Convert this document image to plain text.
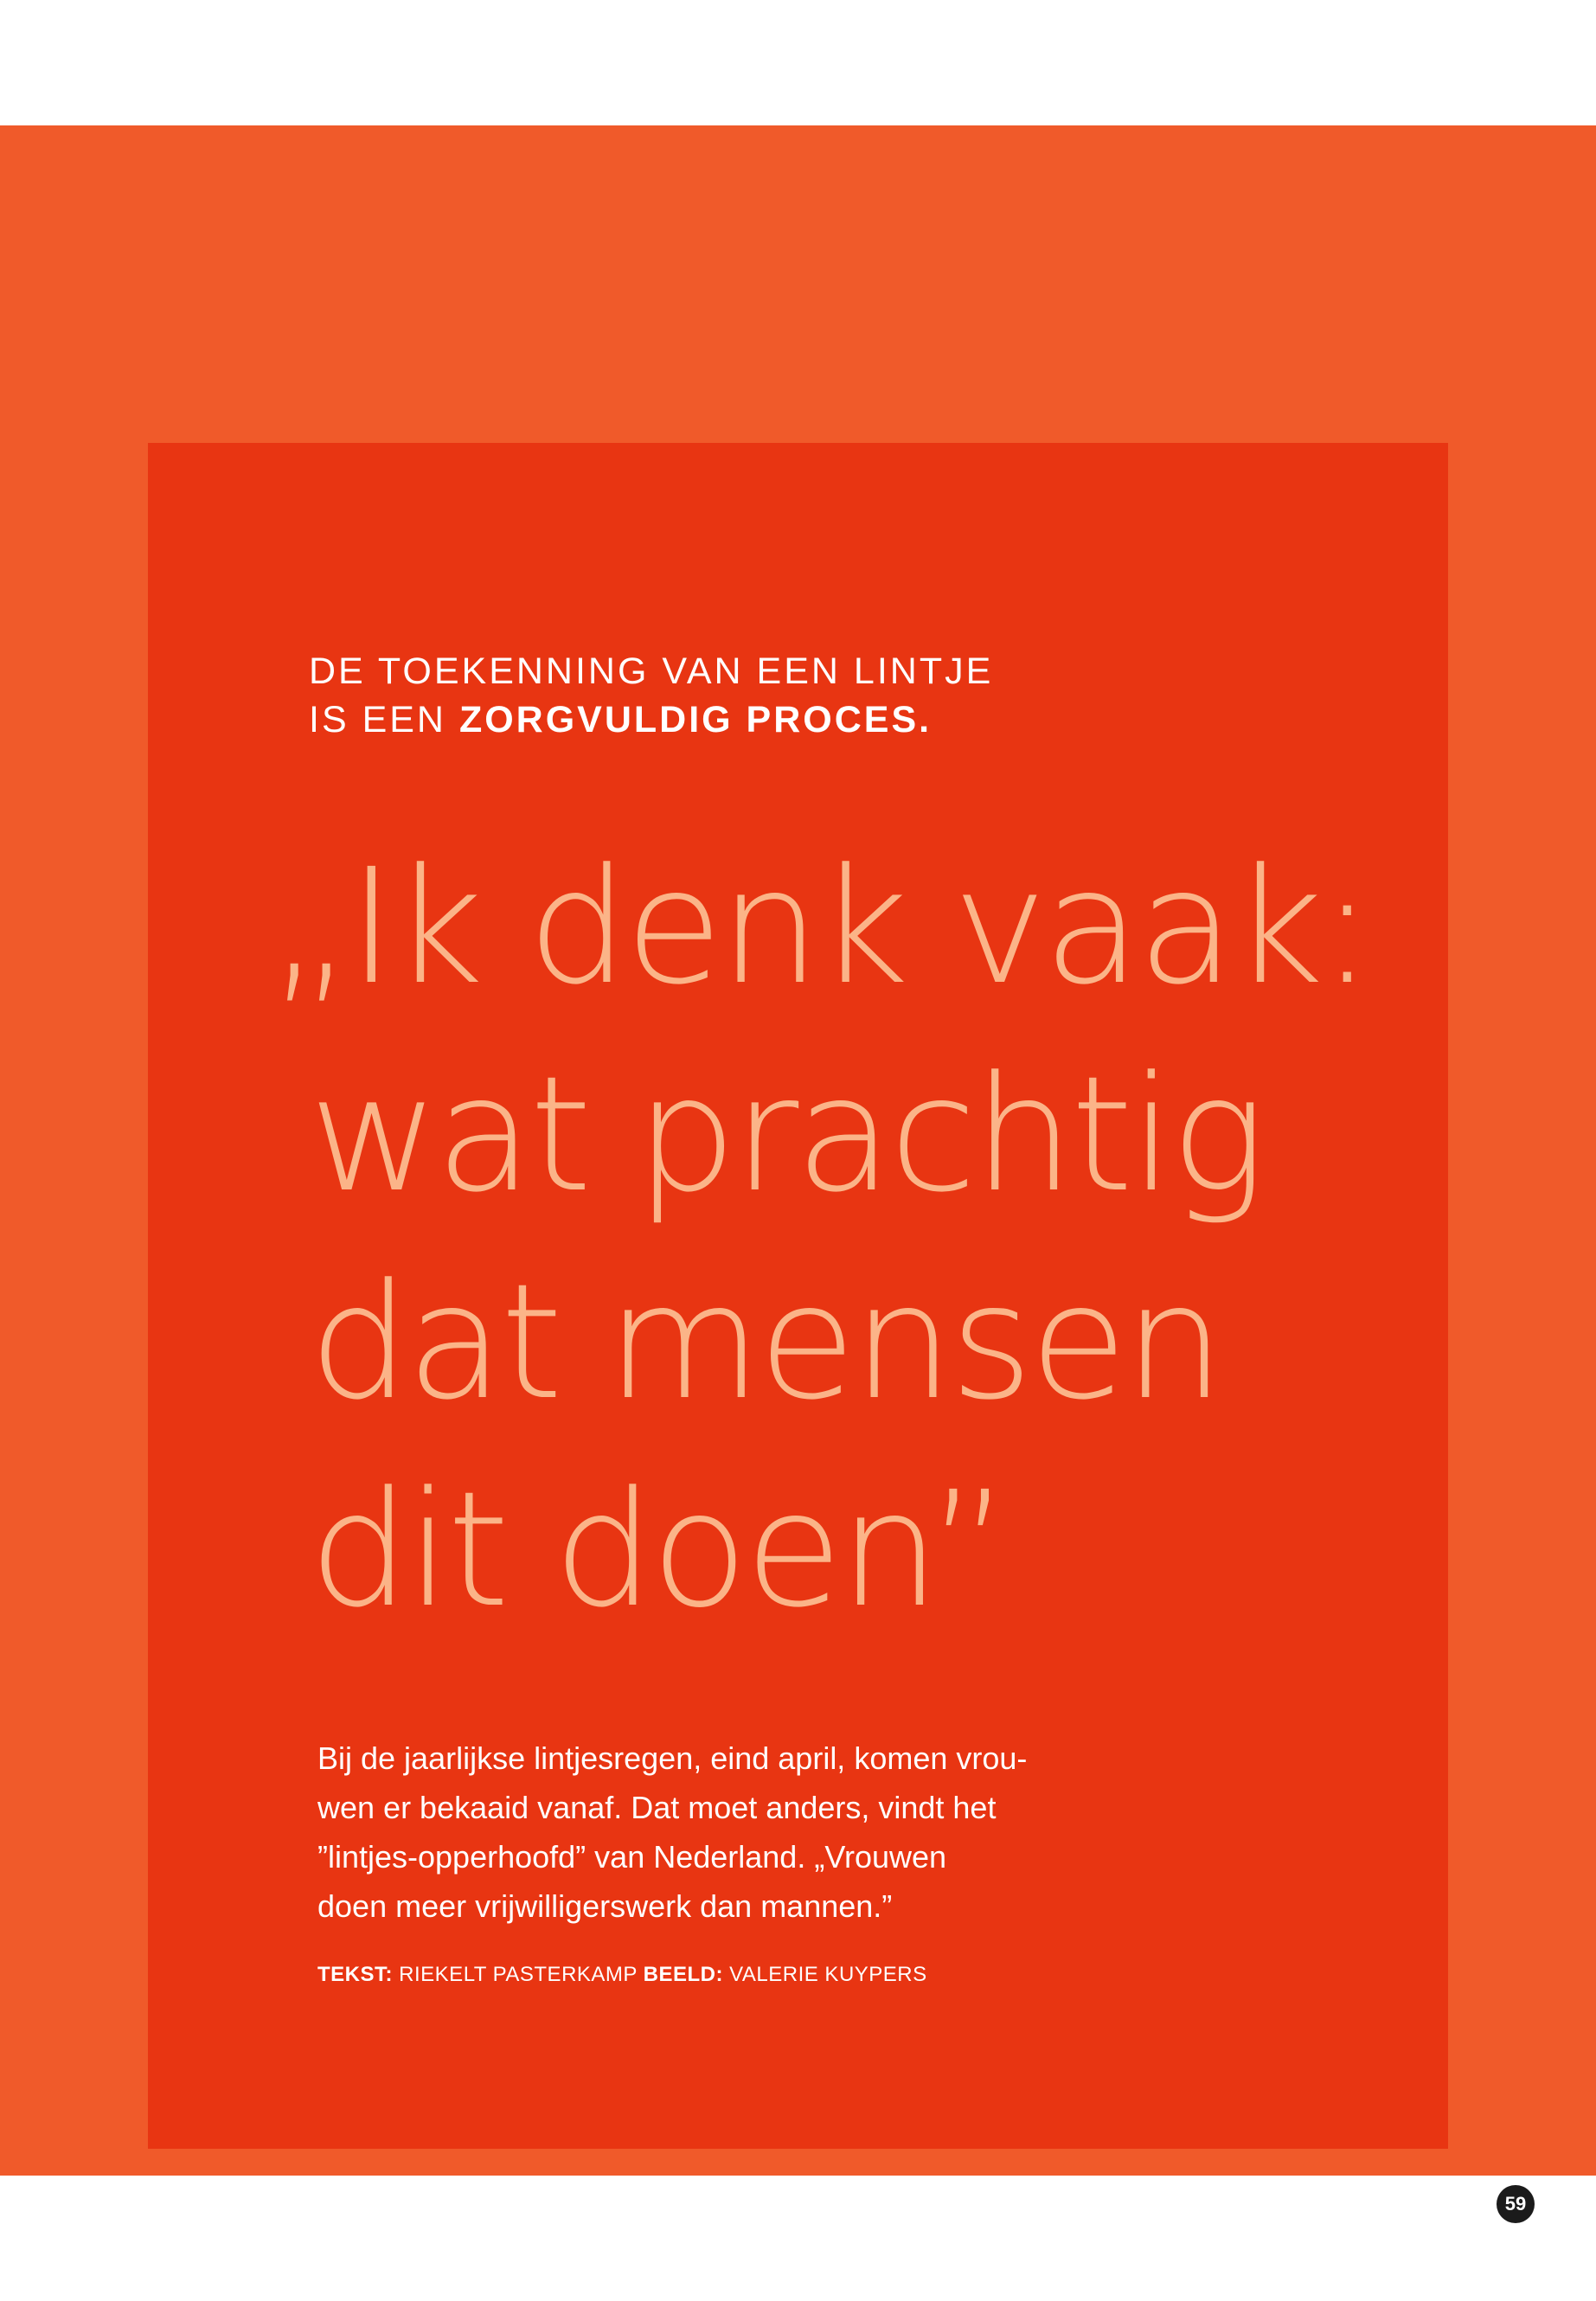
DE TOEKENNING VAN EEN LINTJE
IS EEN ZORGVULDIG PROCES.
„Ik denk vaak:
wat prachtig
dat mensen
dit doen”

Bij de jaarlijkse lintjesregen, eind april, komen vrou-
wen er bekaaid vanaf. Dat moet anders, vindt het
”lintjes-opperhoofd” van Nederland. „Vrouwen
doen meer vrijwilligerswerk dan mannen.”

TEKST: RIEKELT PASTERKAMP BEELD: VALERIE KUYPERS
59
